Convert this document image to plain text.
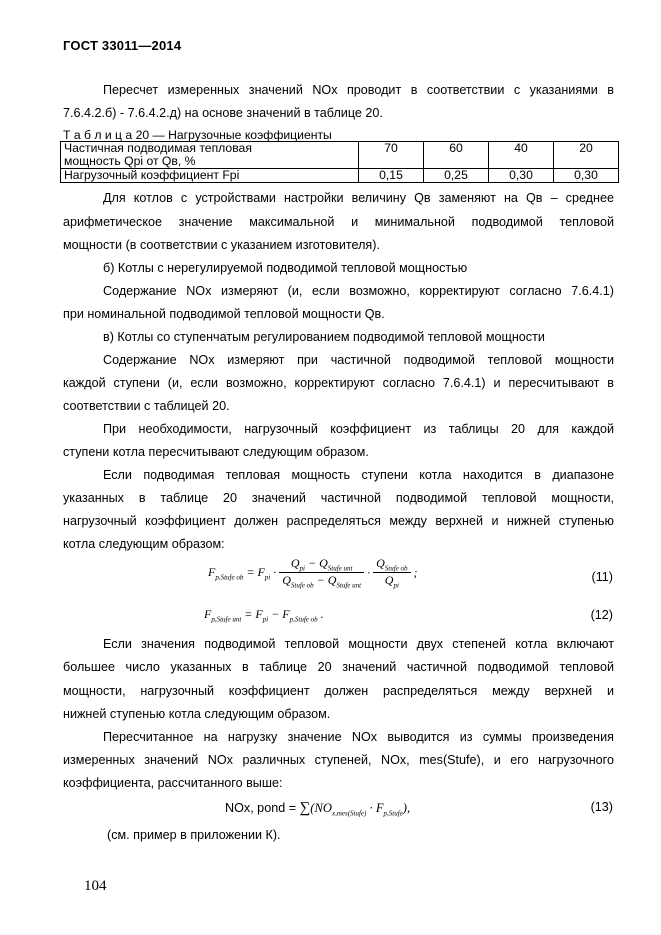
ГОСТ 33011—2014
Пересчет измеренных значений NOх проводит в соответствии с указаниями в
7.6.4.2.б) - 7.6.4.2.д) на основе значений в таблице 20.
Т а б л и ц а 20 — Нагрузочные коэффициенты
Частичная подводимая тепловая
мощность Qpi от Qв, %	70	60	40	20
Нагрузочный коэффициент Fpi	0,15	0,25	0,30	0,30
Для котлов с устройствами настройки величину Qв заменяют на Qв – среднее
арифметическое значение максимальной и минимальной подводимой тепловой
мощности (в соответствии с указанием изготовителя).
б) Котлы с нерегулируемой подводимой тепловой мощностью
Содержание NOх измеряют (и, если возможно, корректируют согласно 7.6.4.1)
при номинальной подводимой тепловой мощности Qв.
в) Котлы со ступенчатым регулированием подводимой тепловой мощности
Содержание NOх измеряют при частичной подводимой тепловой мощности
каждой ступени (и, если возможно, корректируют согласно 7.6.4.1) и пересчитывают в
соответствии с таблицей 20.
При необходимости, нагрузочный коэффициент из таблицы 20 для каждой
ступени котла пересчитывают следующим образом.
Если подводимая тепловая мощность ступени котла находится в диапазоне
указанных в таблице 20 значений частичной подводимой тепловой мощности,
нагрузочный коэффициент должен распределяться между верхней и нижней ступенью
котла следующим образом:
$F_{p,Stufe ob} = F_{pi} \cdot \frac{Q_{pi} - Q_{Stufe unt}}{Q_{Stufe ob} - Q_{Stufe unt}} \cdot \frac{Q_{Stufe ob}}{Q_{pi}}$ ;	(11)
$F_{p,Stufe unt} = F_{pi} - F_{p,Stufe ob}$ .	(12)
Если значения подводимой тепловой мощности двух степеней котла включают
большее число указанных в таблице 20 значений частичной подводимой тепловой
мощности, нагрузочный коэффициент должен распределяться между верхней и
нижней ступенью котла следующим образом.
Пересчитанное на нагрузку значение NOх выводится из суммы произведения
измеренных значений NOх различных ступеней, NOх, mes(Stufe), и его нагрузочного
коэффициента, рассчитанного выше:
NOх, pond = $\sum(NO_{x,mes(Stufe)} \cdot F_{p,Stufe})$,	(13)
(см. пример в приложении К).
104
